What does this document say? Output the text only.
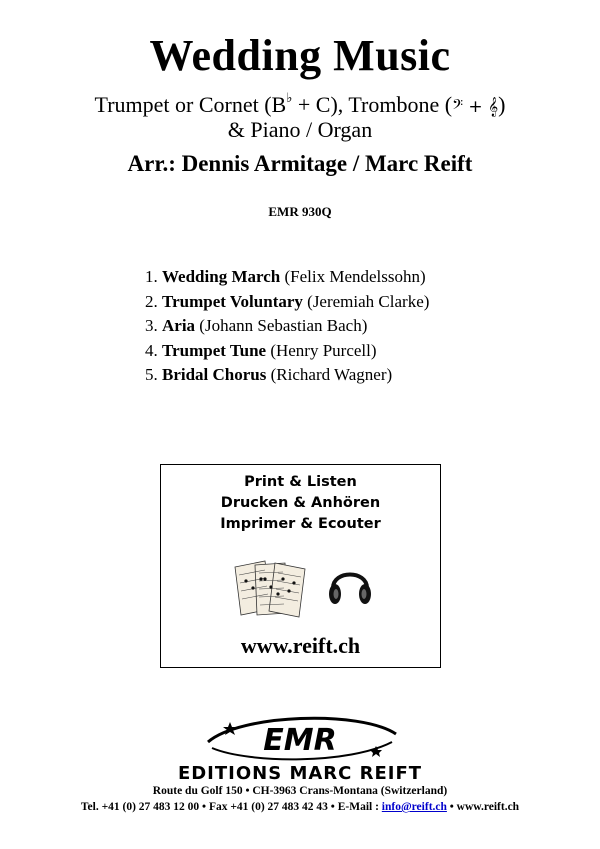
Wedding Music
Trumpet or Cornet (B♭ + C), Trombone (𝄢 + 𝄞)
& Piano / Organ
Arr.: Dennis Armitage / Marc Reift
EMR 930Q
1. Wedding March (Felix Mendelssohn)
2. Trumpet Voluntary (Jeremiah Clarke)
3. Aria (Johann Sebastian Bach)
4. Trumpet Tune (Henry Purcell)
5. Bridal Chorus (Richard Wagner)
Print & Listen
Drucken & Anhören
Imprimer & Ecouter
www.reift.ch
EMR
EDITIONS MARC REIFT
Route du Golf 150 • CH-3963 Crans-Montana (Switzerland)
Tel. +41 (0) 27 483 12 00 • Fax +41 (0) 27 483 42 43 • E-Mail : info@reift.ch • www.reift.ch
